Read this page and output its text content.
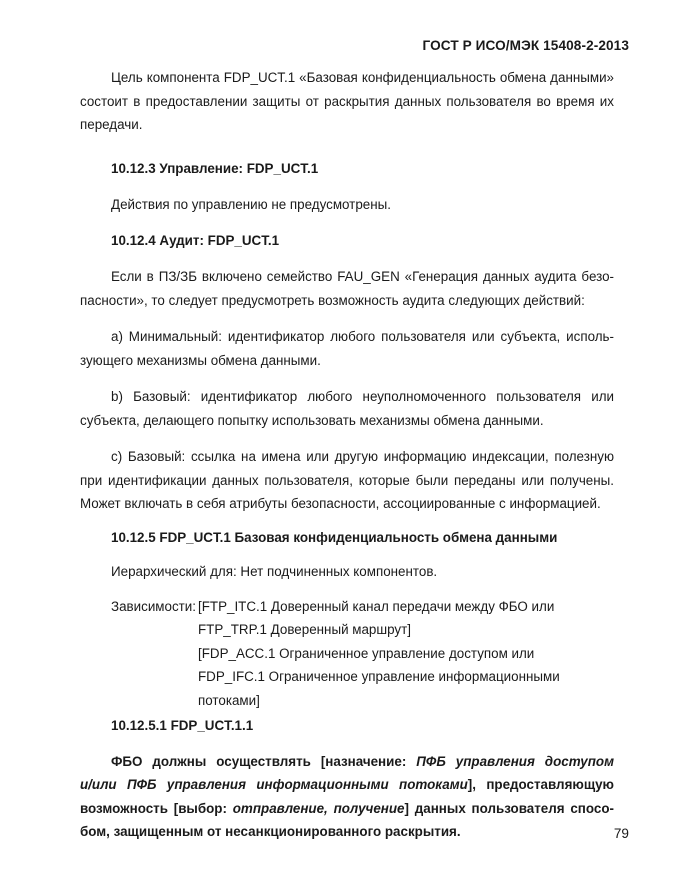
ГОСТ Р ИСО/МЭК 15408-2-2013
Цель компонента FDP_UCT.1 «Базовая конфиденциальность обмена данными»
состоит в предоставлении защиты от раскрытия данных пользователя во время их
передачи.
10.12.3 Управление: FDP_UCT.1
Действия по управлению не предусмотрены.
10.12.4 Аудит: FDP_UCT.1
Если в ПЗ/ЗБ включено семейство FAU_GEN «Генерация данных аудита безо-
пасности», то следует предусмотреть возможность аудита следующих действий:
а) Минимальный: идентификатор любого пользователя или субъекта, исполь-
зующего механизмы обмена данными.
b) Базовый: идентификатор любого неуполномоченного пользователя или
субъекта, делающего попытку использовать механизмы обмена данными.
с) Базовый: ссылка на имена или другую информацию индексации, полезную
при идентификации данных пользователя, которые были переданы или получены.
Может включать в себя атрибуты безопасности, ассоциированные с информацией.
10.12.5 FDP_UCT.1 Базовая конфиденциальность обмена данными
Иерархический для: Нет подчиненных компонентов.
Зависимости: [FTP_ITC.1 Доверенный канал передачи между ФБО или
FTP_TRP.1 Доверенный маршрут]
[FDP_ACC.1 Ограниченное управление доступом или
FDP_IFC.1 Ограниченное управление информационными потоками]
10.12.5.1 FDP_UCT.1.1
ФБО должны осуществлять [назначение: ПФБ управления доступом
и/или ПФБ управления информационными потоками], предоставляющую
возможность [выбор: отправление, получение] данных пользователя спосо-
бом, защищенным от несанкционированного раскрытия.	79
